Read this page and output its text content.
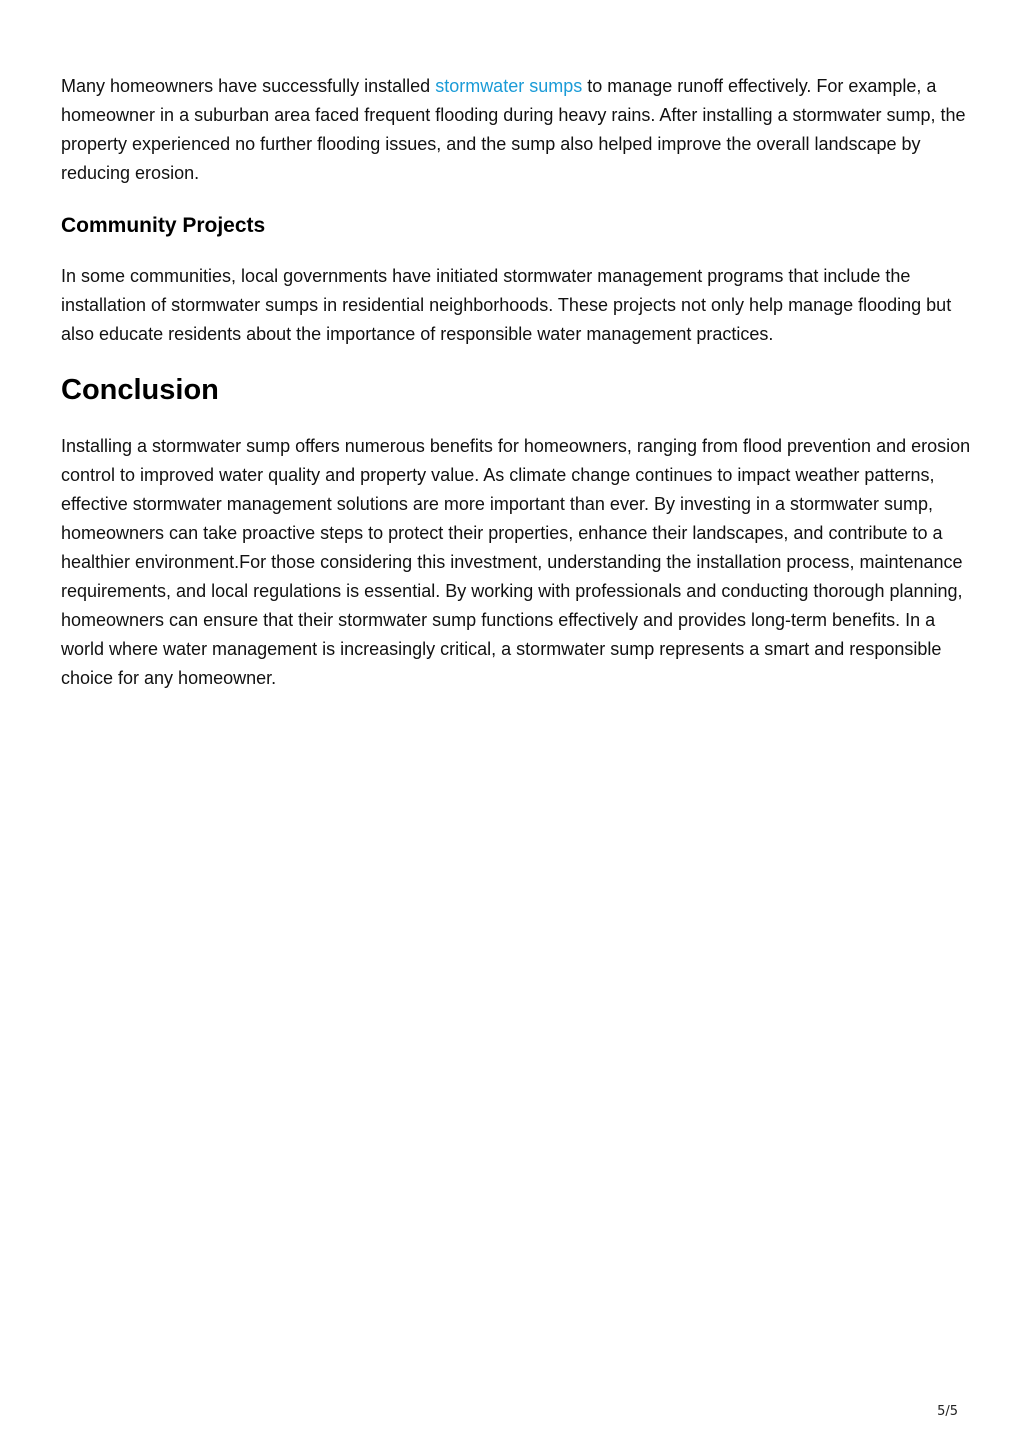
Many homeowners have successfully installed stormwater sumps to manage runoff effectively. For example, a homeowner in a suburban area faced frequent flooding during heavy rains. After installing a stormwater sump, the property experienced no further flooding issues, and the sump also helped improve the overall landscape by reducing erosion.

Community Projects

In some communities, local governments have initiated stormwater management programs that include the installation of stormwater sumps in residential neighborhoods. These projects not only help manage flooding but also educate residents about the importance of responsible water management practices.

Conclusion

Installing a stormwater sump offers numerous benefits for homeowners, ranging from flood prevention and erosion control to improved water quality and property value. As climate change continues to impact weather patterns, effective stormwater management solutions are more important than ever. By investing in a stormwater sump, homeowners can take proactive steps to protect their properties, enhance their landscapes, and contribute to a healthier environment.For those considering this investment, understanding the installation process, maintenance requirements, and local regulations is essential. By working with professionals and conducting thorough planning, homeowners can ensure that their stormwater sump functions effectively and provides long-term benefits. In a world where water management is increasingly critical, a stormwater sump represents a smart and responsible choice for any homeowner.

5/5
